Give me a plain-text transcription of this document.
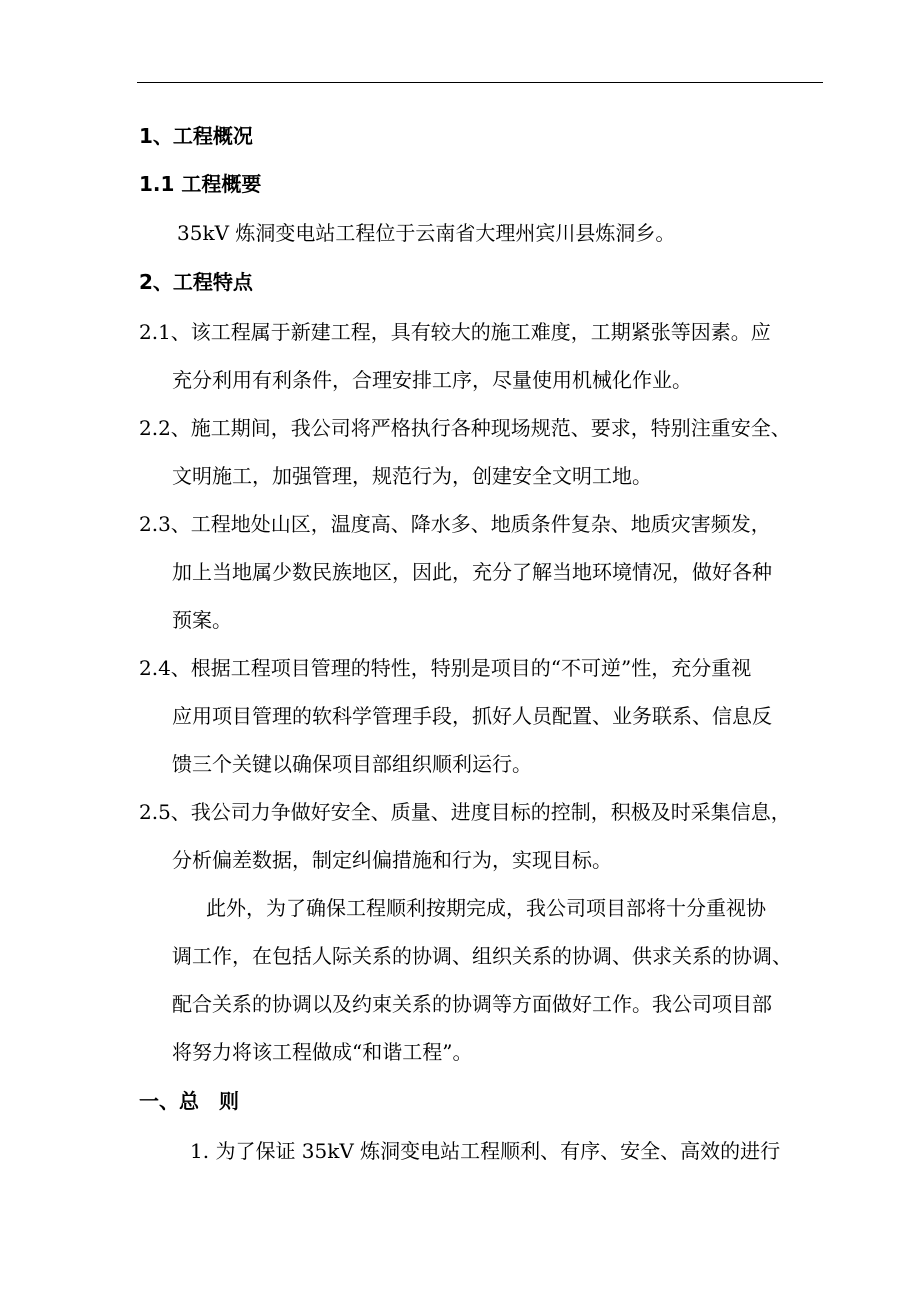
1、工程概况
1.1 工程概要
35kV 炼洞变电站工程位于云南省大理州宾川县炼洞乡。
2、工程特点
2.1、该工程属于新建工程，具有较大的施工难度，工期紧张等因素。应
充分利用有利条件，合理安排工序，尽量使用机械化作业。
2.2、施工期间，我公司将严格执行各种现场规范、要求，特别注重安全、
文明施工，加强管理，规范行为，创建安全文明工地。
2.3、工程地处山区，温度高、降水多、地质条件复杂、地质灾害频发，
加上当地属少数民族地区，因此，充分了解当地环境情况，做好各种
预案。
2.4、根据工程项目管理的特性，特别是项目的“不可逆”性，充分重视
应用项目管理的软科学管理手段，抓好人员配置、业务联系、信息反
馈三个关键以确保项目部组织顺利运行。
2.5、我公司力争做好安全、质量、进度目标的控制，积极及时采集信息，
分析偏差数据，制定纠偏措施和行为，实现目标。
此外，为了确保工程顺利按期完成，我公司项目部将十分重视协
调工作，在包括人际关系的协调、组织关系的协调、供求关系的协调、
配合关系的协调以及约束关系的协调等方面做好工作。我公司项目部
将努力将该工程做成“和谐工程”。
一、总　则
1. 为了保证 35kV 炼洞变电站工程顺利、有序、安全、高效的进行
